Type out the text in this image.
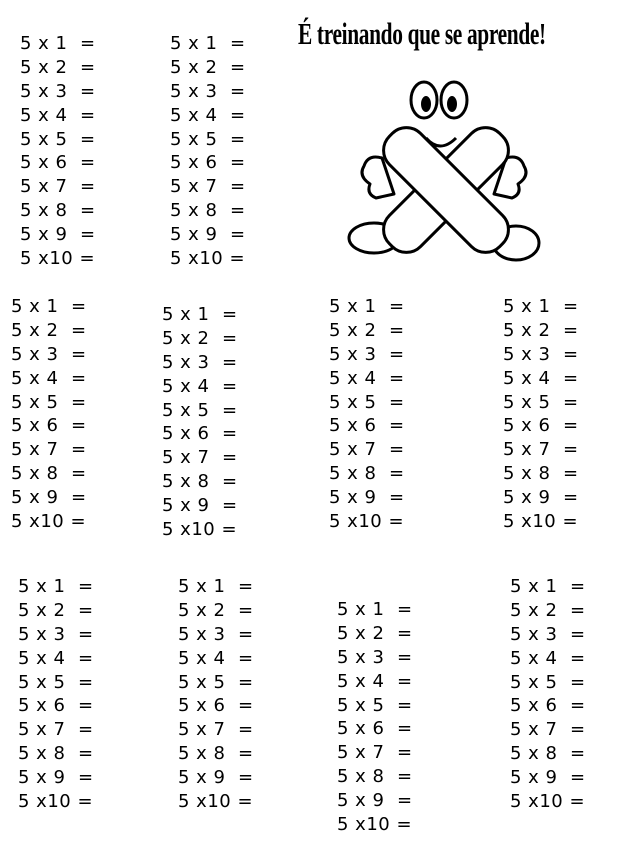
É treinando que se aprende!
5 x 1  =
5 x 2  =
5 x 3  =
5 x 4  =
5 x 5  =
5 x 6  =
5 x 7  =
5 x 8  =
5 x 9  =
5 x10 =
5 x 1  =
5 x 2  =
5 x 3  =
5 x 4  =
5 x 5  =
5 x 6  =
5 x 7  =
5 x 8  =
5 x 9  =
5 x10 =
5 x 1  =
5 x 2  =
5 x 3  =
5 x 4  =
5 x 5  =
5 x 6  =
5 x 7  =
5 x 8  =
5 x 9  =
5 x10 =
5 x 1  =
5 x 2  =
5 x 3  =
5 x 4  =
5 x 5  =
5 x 6  =
5 x 7  =
5 x 8  =
5 x 9  =
5 x10 =
5 x 1  =
5 x 2  =
5 x 3  =
5 x 4  =
5 x 5  =
5 x 6  =
5 x 7  =
5 x 8  =
5 x 9  =
5 x10 =
5 x 1  =
5 x 2  =
5 x 3  =
5 x 4  =
5 x 5  =
5 x 6  =
5 x 7  =
5 x 8  =
5 x 9  =
5 x10 =
5 x 1  =
5 x 2  =
5 x 3  =
5 x 4  =
5 x 5  =
5 x 6  =
5 x 7  =
5 x 8  =
5 x 9  =
5 x10 =
5 x 1  =
5 x 2  =
5 x 3  =
5 x 4  =
5 x 5  =
5 x 6  =
5 x 7  =
5 x 8  =
5 x 9  =
5 x10 =
5 x 1  =
5 x 2  =
5 x 3  =
5 x 4  =
5 x 5  =
5 x 6  =
5 x 7  =
5 x 8  =
5 x 9  =
5 x10 =
5 x 1  =
5 x 2  =
5 x 3  =
5 x 4  =
5 x 5  =
5 x 6  =
5 x 7  =
5 x 8  =
5 x 9  =
5 x10 =
